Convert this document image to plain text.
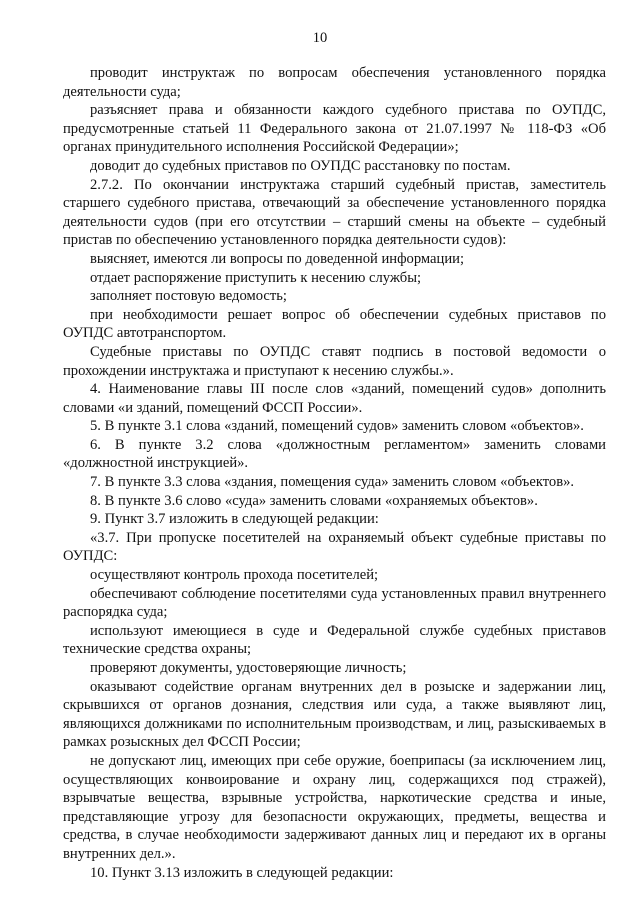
10

проводит инструктаж по вопросам обеспечения установленного порядка деятельности суда;

разъясняет права и обязанности каждого судебного пристава по ОУПДС, предусмотренные статьей 11 Федерального закона от 21.07.1997 № 118-ФЗ «Об органах принудительного исполнения Российской Федерации»;

доводит до судебных приставов по ОУПДС расстановку по постам.

2.7.2. По окончании инструктажа старший судебный пристав, заместитель старшего судебного пристава, отвечающий за обеспечение установленного порядка деятельности судов (при его отсутствии – старший смены на объекте – судебный пристав по обеспечению установленного порядка деятельности судов):

выясняет, имеются ли вопросы по доведенной информации;

отдает распоряжение приступить к несению службы;

заполняет постовую ведомость;

при необходимости решает вопрос об обеспечении судебных приставов по ОУПДС автотранспортом.

Судебные приставы по ОУПДС ставят подпись в постовой ведомости о прохождении инструктажа и приступают к несению службы.».

4. Наименование главы III после слов «зданий, помещений судов» дополнить словами «и зданий, помещений ФССП России».

5. В пункте 3.1 слова «зданий, помещений судов» заменить словом «объектов».

6. В пункте 3.2 слова «должностным регламентом» заменить словами «должностной инструкцией».

7. В пункте 3.3 слова «здания, помещения суда» заменить словом «объектов».

8. В пункте 3.6 слово «суда» заменить словами «охраняемых объектов».

9. Пункт 3.7 изложить в следующей редакции:

«3.7. При пропуске посетителей на охраняемый объект судебные приставы по ОУПДС:

осуществляют контроль прохода посетителей;

обеспечивают соблюдение посетителями суда установленных правил внутреннего распорядка суда;

используют имеющиеся в суде и Федеральной службе судебных приставов технические средства охраны;

проверяют документы, удостоверяющие личность;

оказывают содействие органам внутренних дел в розыске и задержании лиц, скрывшихся от органов дознания, следствия или суда, а также выявляют лиц, являющихся должниками по исполнительным производствам, и лиц, разыскиваемых в рамках розыскных дел ФССП России;

не допускают лиц, имеющих при себе оружие, боеприпасы (за исключением лиц, осуществляющих конвоирование и охрану лиц, содержащихся под стражей), взрывчатые вещества, взрывные устройства, наркотические средства и иные, представляющие угрозу для безопасности окружающих, предметы, вещества и средства, в случае необходимости задерживают данных лиц и передают их в органы внутренних дел.».

10. Пункт 3.13 изложить в следующей редакции:
